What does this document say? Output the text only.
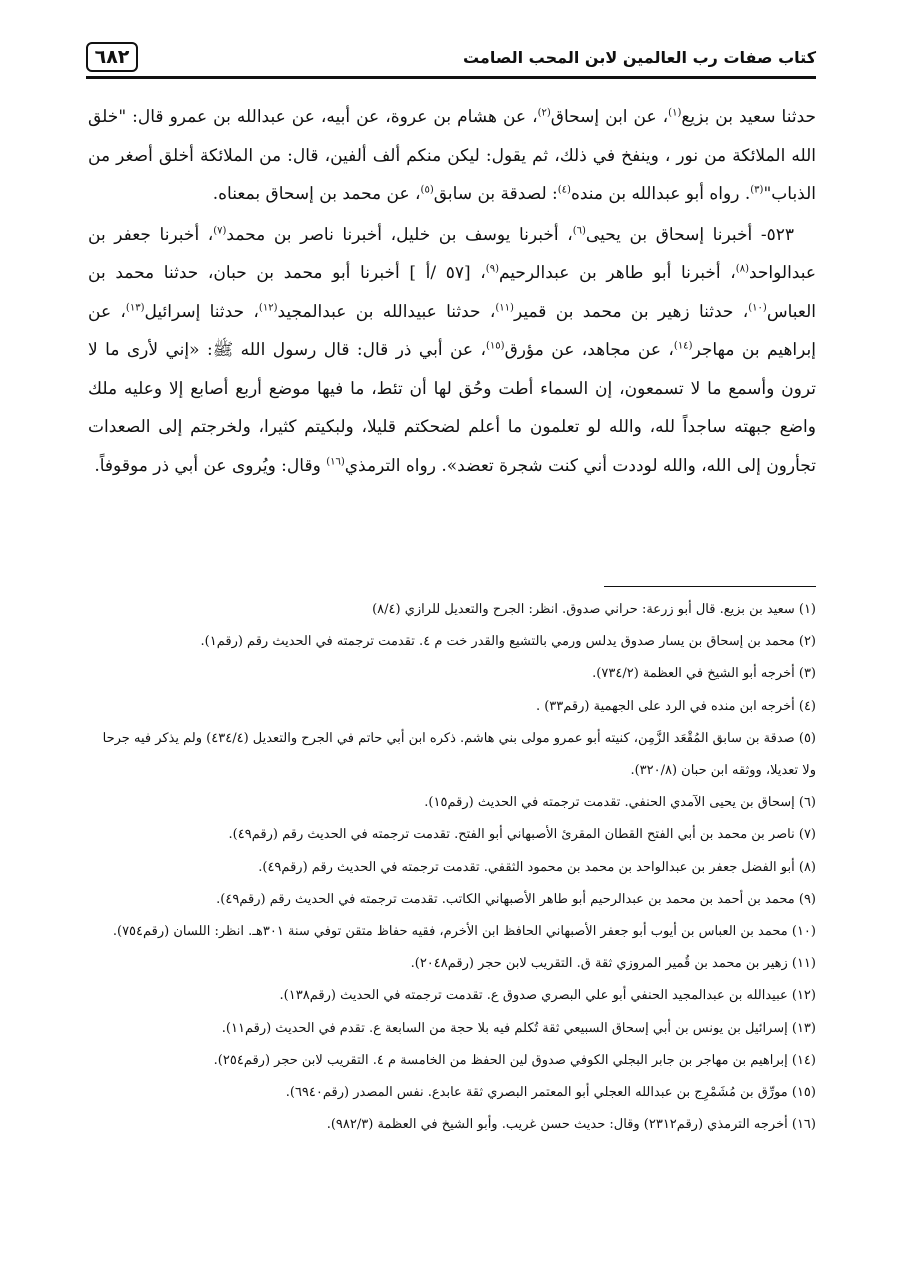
كتاب صفات رب العالمين لابن المحب الصامت
٦٨٢

حدثنا سعيد بن بزيع$^{(١)}$، عن ابن إسحاق$^{(٢)}$، عن هشام بن عروة، عن أبيه، عن عبدالله بن عمرو قال: "خلق الله الملائكة من نور ، وينفخ في ذلك، ثم يقول: ليكن منكم ألف ألفين، قال: من الملائكة أخلق أصغر من الذباب"$^{(٣)}$. رواه أبو عبدالله بن منده$^{(٤)}$: لصدقة بن سابق$^{(٥)}$، عن محمد بن إسحاق بمعناه.

٥٢٣- أخبرنا إسحاق بن يحيى$^{(٦)}$، أخبرنا يوسف بن خليل، أخبرنا ناصر بن محمد$^{(٧)}$، أخبرنا جعفر بن عبدالواحد$^{(٨)}$، أخبرنا أبو طاهر بن عبدالرحيم$^{(٩)}$، [٥٧ /أ ] أخبرنا أبو محمد بن حبان، حدثنا محمد بن العباس$^{(١٠)}$، حدثنا زهير بن محمد بن قمير$^{(١١)}$، حدثنا عبيدالله بن عبدالمجيد$^{(١٢)}$، حدثنا إسرائيل$^{(١٣)}$، عن إبراهيم بن مهاجر$^{(١٤)}$، عن مجاهد، عن مؤرق$^{(١٥)}$، عن أبي ذر قال: قال رسول الله ﷺ: «إني لأرى ما لا ترون وأسمع ما لا تسمعون، إن السماء أطت وحُق لها أن تئط، ما فيها موضع أربع أصابع إلا وعليه ملك واضع جبهته ساجداً لله، والله لو تعلمون ما أعلم لضحكتم قليلا، ولبكيتم كثيرا، ولخرجتم إلى الصعدات تجأرون إلى الله، والله لوددت أني كنت شجرة تعضد». رواه الترمذي$^{(١٦)}$ وقال: ويُروى عن أبي ذر موقوفاً.

(١) سعيد بن بزيع. قال أبو زرعة: حراني صدوق. انظر: الجرح والتعديل للرازي (٨/٤)

(٢) محمد بن إسحاق بن يسار صدوق يدلس ورمي بالتشيع والقدر خت م ٤. تقدمت ترجمته في الحديث رقم (رقم١).

(٣) أخرجه أبو الشيخ في العظمة (٧٣٤/٢).

(٤) أخرجه ابن منده في الرد على الجهمية (رقم٣٣) .

(٥) صدقة بن سابق المُقْعَد الزَّمِن، كنيته أبو عمرو مولى بني هاشم. ذكره ابن أبي حاتم في الجرح والتعديل (٤٣٤/٤) ولم يذكر فيه جرحا ولا تعديلا، ووثقه ابن حبان (٣٢٠/٨).

(٦) إسحاق بن يحيى الآمدي الحنفي. تقدمت ترجمته في الحديث (رقم١٥).

(٧) ناصر بن محمد بن أبي الفتح القطان المقرئ الأصبهاني أبو الفتح. تقدمت ترجمته في الحديث رقم (رقم٤٩).

(٨) أبو الفضل جعفر بن عبدالواحد بن محمد بن محمود الثقفي. تقدمت ترجمته في الحديث رقم (رقم٤٩).

(٩) محمد بن أحمد بن محمد بن عبدالرحيم أبو طاهر الأصبهاني الكاتب. تقدمت ترجمته في الحديث رقم (رقم٤٩).

(١٠) محمد بن العباس بن أيوب أبو جعفر الأصبهاني الحافظ ابن الأخرم، فقيه حفاظ متقن توفي سنة ٣٠١هـ. انظر: اللسان (رقم٧٥٤).

(١١) زهير بن محمد بن قُمير المروزي ثقة ق. التقريب لابن حجر (رقم٢٠٤٨).

(١٢) عبيدالله بن عبدالمجيد الحنفي أبو علي البصري صدوق ع. تقدمت ترجمته في الحديث (رقم١٣٨).

(١٣) إسرائيل بن يونس بن أبي إسحاق السبيعي ثقة تُكلم فيه بلا حجة من السابعة ع. تقدم في الحديث (رقم١١).

(١٤) إبراهيم بن مهاجر بن جابر البجلي الكوفي صدوق لين الحفظ من الخامسة م ٤. التقريب لابن حجر (رقم٢٥٤).

(١٥) مورِّق بن مُشَمْرِج بن عبدالله العجلي أبو المعتمر البصري ثقة عابدع. نفس المصدر (رقم٦٩٤٠).

(١٦) أخرجه الترمذي (رقم٢٣١٢) وقال: حديث حسن غريب. وأبو الشيخ في العظمة (٩٨٢/٣).
